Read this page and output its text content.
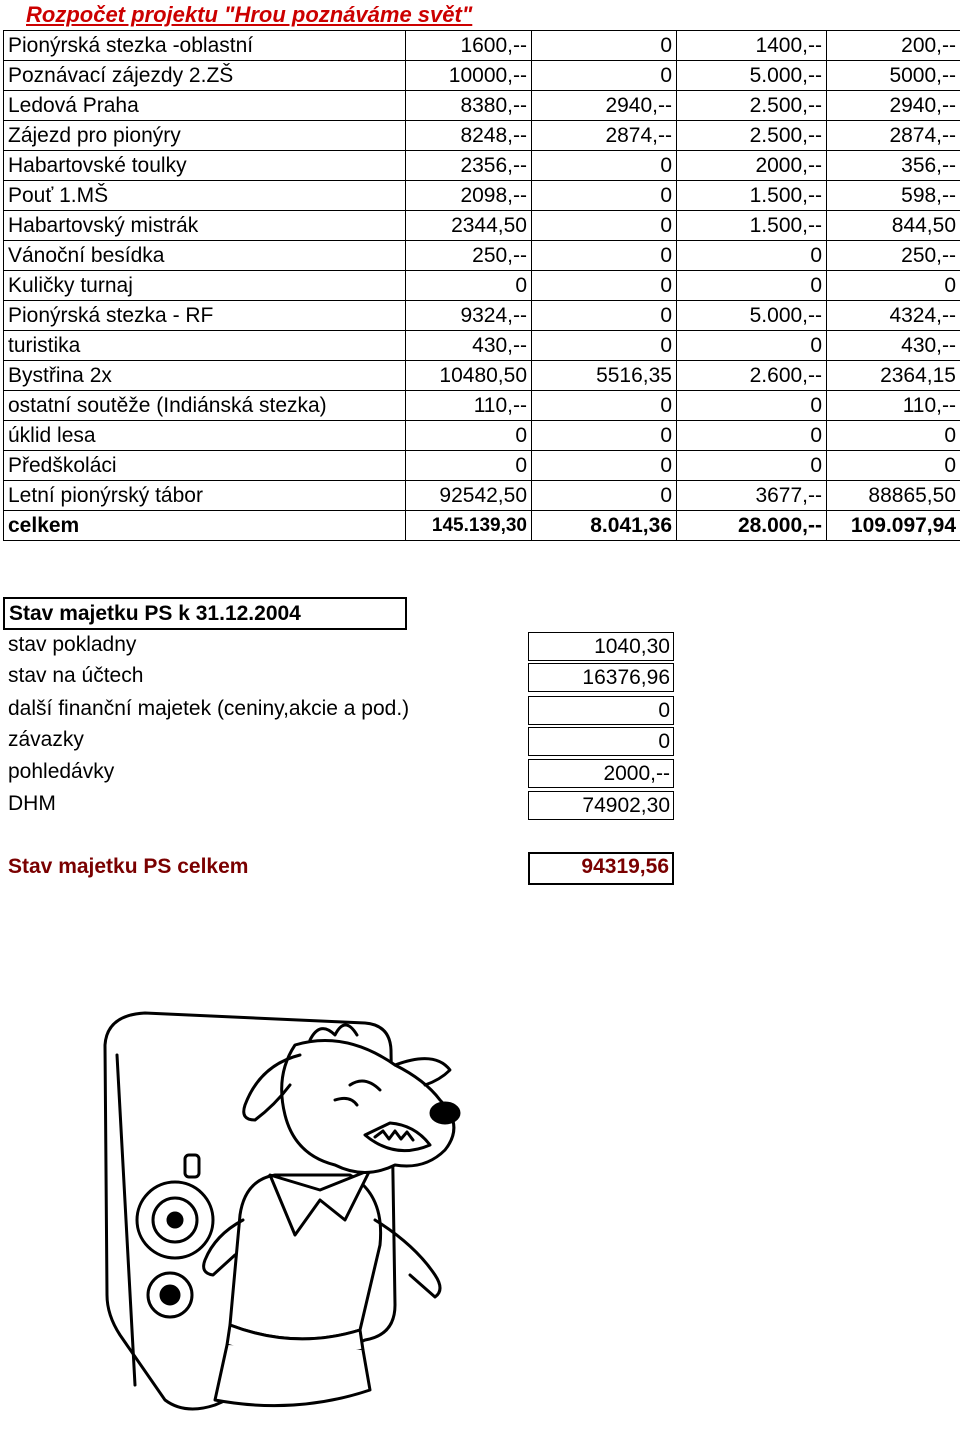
Rozpočet projektu "Hrou poznáváme svět"
Pionýrská stezka -oblastní	1600,--	0	1400,--	200,--
Poznávací zájezdy 2.ZŠ	10000,--	0	5.000,--	5000,--
Ledová Praha	8380,--	2940,--	2.500,--	2940,--
Zájezd pro pionýry	8248,--	2874,--	2.500,--	2874,--
Habartovské toulky	2356,--	0	2000,--	356,--
Pouť 1.MŠ	2098,--	0	1.500,--	598,--
Habartovský mistrák	2344,50	0	1.500,--	844,50
Vánoční besídka	250,--	0	0	250,--
Kuličky turnaj	0	0	0	0
Pionýrská stezka - RF	9324,--	0	5.000,--	4324,--
turistika	430,--	0	0	430,--
Bystřina 2x	10480,50	5516,35	2.600,--	2364,15
ostatní soutěže (Indiánská stezka)	110,--	0	0	110,--
úklid lesa	0	0	0	0
Předškoláci	0	0	0	0
Letní pionýrský tábor	92542,50	0	3677,--	88865,50
celkem	145.139,30	8.041,36	28.000,--	109.097,94
Stav majetku PS k 31.12.2004
stav pokladny	1040,30
stav na účtech	16376,96
další finanční majetek (ceniny,akcie a pod.)	0
závazky	0
pohledávky	2000,--
DHM	74902,30
Stav majetku PS celkem	94319,56
